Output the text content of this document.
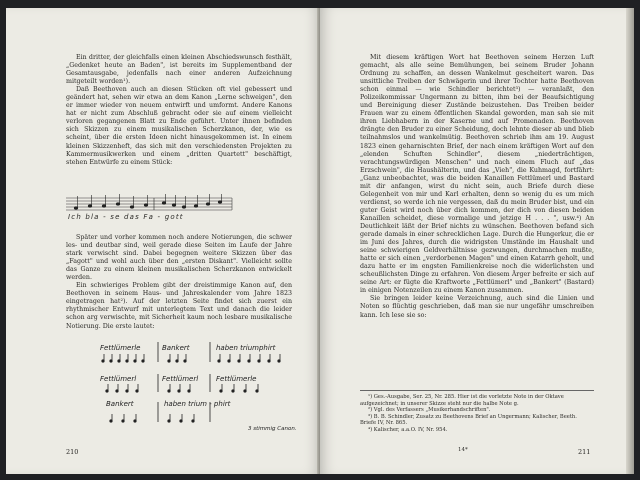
Ein dritter, der gleichfalls einen kleinen Abschiedswunsch festhält, „Gedenket heute an Baden", ist bereits im Supplementband der Gesamtausgabe, jedenfalls nach einer anderen Aufzeichnung mitgeteilt worden¹).

Daß Beethoven auch an diesen Stücken oft viel gebessert und geändert hat, sehen wir etwa an dem Kanon „Lerne schweigen", den er immer wieder von neuem entwirft und umformt. Andere Kanons hat er nicht zum Abschluß gebracht oder sie auf einem vielleicht verloren gegangenen Blatt zu Ende geführt. Unter ihnen befinden sich Skizzen zu einem musikalischen Scherzkanon, der, wie es scheint, über die ersten Ideen nicht hinausgekommen ist. In einem kleinen Skizzenheft, das sich mit den verschiedensten Projekten zu Kammermusikwerken und einem „dritten Quartett" beschäftigt, stehen Entwürfe zu einem Stück:

Ich bla - se das Fa - gott

Später und vorher kommen noch andere Notierungen, die schwer les- und deutbar sind, weil gerade diese Seiten im Laufe der Jahre stark verwischt sind. Dabei begegnen weitere Skizzen über das „Fagott" und wohl auch über den „ersten Diskant". Vielleicht sollte das Ganze zu einem kleinen musikalischen Scherzkanon entwickelt werden.

Ein schwieriges Problem gibt der dreistimmige Kanon auf, den Beethoven in seinem Haus- und Jahreskalender vom Jahre 1823 eingetragen hat²). Auf der letzten Seite findet sich zuerst ein rhythmischer Entwurf mit unterlegtem Text und danach die leider schon arg verwischte, mit Sicherheit kaum noch lesbare musikalische Notierung. Die erste lautet:

Fettlümerle	Bankert	haben triumphirt
Fettlümerl	Fettlümerl	Fettlümerle
Bankert	haben trium - phirt
3 stimmig Canon.
210

Mit diesem kräftigen Wort hat Beethoven seinem Herzen Luft gemacht, als alle seine Bemühungen, bei seinem Bruder Johann Ordnung zu schaffen, an dessen Wankelmut gescheitert waren. Das unsittliche Treiben der Schwägerin und ihrer Tochter hatte Beethoven schon einmal — wie Schindler berichtet³) — veranlaßt, den Polizeikommissar Ungermann zu bitten, ihm bei der Beaufsichtigung und Bereinigung dieser Zustände beizustehen. Das Treiben beider Frauen war zu einem öffentlichen Skandal geworden, man sah sie mit ihren Liebhabern in der Kaserne und auf Promenaden. Beethoven drängte den Bruder zu einer Scheidung, doch lehnte dieser ab und blieb teilnahmslos und wankelmütig. Beethoven schrieb ihm am 19. August 1823 einen geharnischten Brief, der nach einem kräftigen Wort auf den „elenden Schuften Schindler", diesem „niederträchtigen, verachtungswürdigen Menschen" und nach einem Fluch auf „das Erzschwein", die Haushälterin, und das „Vieh", die Kuhmagd, fortfährt: „Ganz unbeobachtet, was die beiden Kanaillen Fettlümerl und Bastard mit dir anfangen, wirst du nicht sein, auch Briefe durch diese Gelegenheit von mir und Karl erhalten, denn so wenig du es um mich verdienst, so werde ich nie vergessen, daß du mein Bruder bist, und ein guter Geist wird noch über dich kommen, der dich von diesen beiden Kanaillen scheidet, diese vormalige und jetzige H . . . ", usw.⁴) An Deutlichkeit läßt der Brief nichts zu wünschen. Beethoven befand sich gerade damals in einer schrecklichen Lage. Durch die Hungerkur, die er im Juni des Jahres, durch die widrigsten Umstände im Haushalt und seine schwierigen Geldverhältnisse gezwungen, durchmachen mußte, hatte er sich einen „verdorbenen Magen" und einen Katarrh geholt, und dazu hatte er im engsten Familienkreise noch die widerlichsten und scheußlichsten Dinge zu erfahren. Von diesem Ärger befreite er sich auf seine Art: er fügte die Kraftworte „Fettlümerl" und „Bankert" (Bastard) in einigen Notenzeilen zu einem Kanon zusammen.

Sie bringen leider keine Verzeichnung, auch sind die Linien und Noten so flüchtig geschrieben, daß man sie nur ungefähr umschreiben kann. Ich lese sie so:

¹) Ges.-Ausgabe, Ser. 25, Nr. 285. Hier ist die vorletzte Note in der Oktave aufgezeichnet; in unserer Skizze steht nur die halbe Note g.
²) Vgl. des Verfassers „Musikerhandschriften".
³) B. B. Schindler, Zusatz zu Beethovens Brief an Ungermann; Kalischer, Beeth. Briefe IV, Nr. 865.
⁴) Kalischer, a.a.O. IV, Nr. 954.
14*	211
